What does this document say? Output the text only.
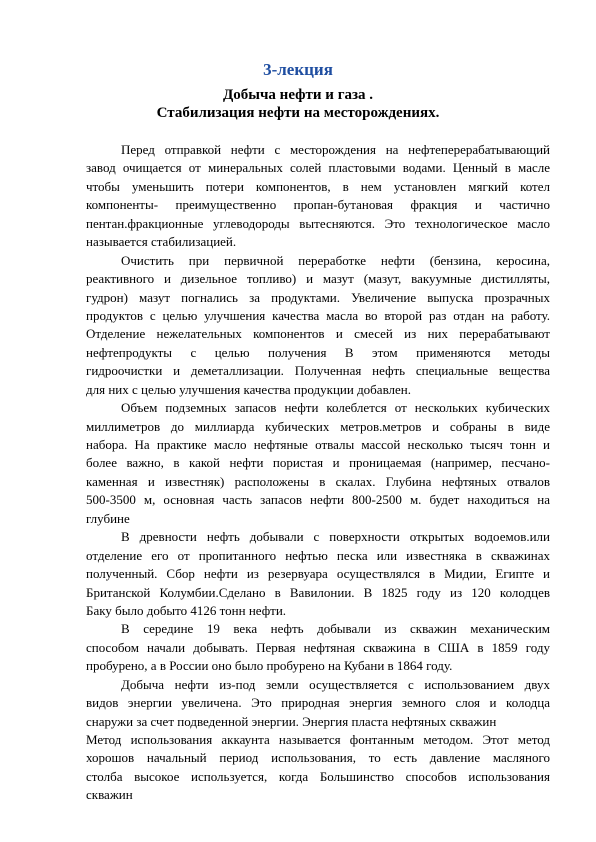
3-лекция
Добыча нефти и газа .
Стабилизация нефти на месторождениях.
Перед отправкой нефти с месторождения на нефтеперерабатывающий
завод очищается от минеральных солей пластовыми водами. Ценный в масле
чтобы уменьшить потери компонентов, в нем установлен мягкий котел
компоненты- преимущественно пропан-бутановая фракция и частично
пентан.фракционные углеводороды вытесняются. Это технологическое масло
называется стабилизацией.
Очистить при первичной переработке нефти (бензина, керосина,
реактивного и дизельное топливо) и мазут (мазут, вакуумные дистилляты,
гудрон) мазут погнались за продуктами. Увеличение выпуска прозрачных
продуктов с целью улучшения качества масла во второй раз отдан на работу.
Отделение нежелательных компонентов и смесей из них перерабатывают
нефтепродукты с целью получения В этом применяются методы
гидроочистки и деметаллизации. Полученная нефть специальные вещества
для них с целью улучшения качества продукции добавлен.
Объем подземных запасов нефти колеблется от нескольких кубических
миллиметров до миллиарда кубических метров.метров и собраны в виде
набора. На практике масло нефтяные отвалы массой несколько тысяч тонн и
более важно, в какой нефти пористая и проницаемая (например, песчано-
каменная и известняк) расположены в скалах. Глубина нефтяных отвалов
500-3500 м, основная часть запасов нефти 800-2500 м. будет находиться на
глубине
В древности нефть добывали с поверхности открытых водоемов.или
отделение его от пропитанного нефтью песка или известняка в скважинах
полученный. Сбор нефти из резервуара осуществлялся в Мидии, Египте и
Британской Колумбии.Сделано в Вавилонии. В 1825 году из 120 колодцев
Баку было добыто 4126 тонн нефти.
В середине 19 века нефть добывали из скважин механическим
способом начали добывать. Первая нефтяная скважина в США в 1859 году
пробурено, а в России оно было пробурено на Кубани в 1864 году.
Добыча нефти из-под земли осуществляется с использованием двух
видов энергии увеличена. Это природная энергия земного слоя и колодца
снаружи за счет подведенной энергии. Энергия пласта нефтяных скважин
Метод использования аккаунта называется фонтанным методом. Этот метод
хорошов начальный период использования, то есть давление масляного
столба высокое используется, когда Большинство способов использования
скважин
